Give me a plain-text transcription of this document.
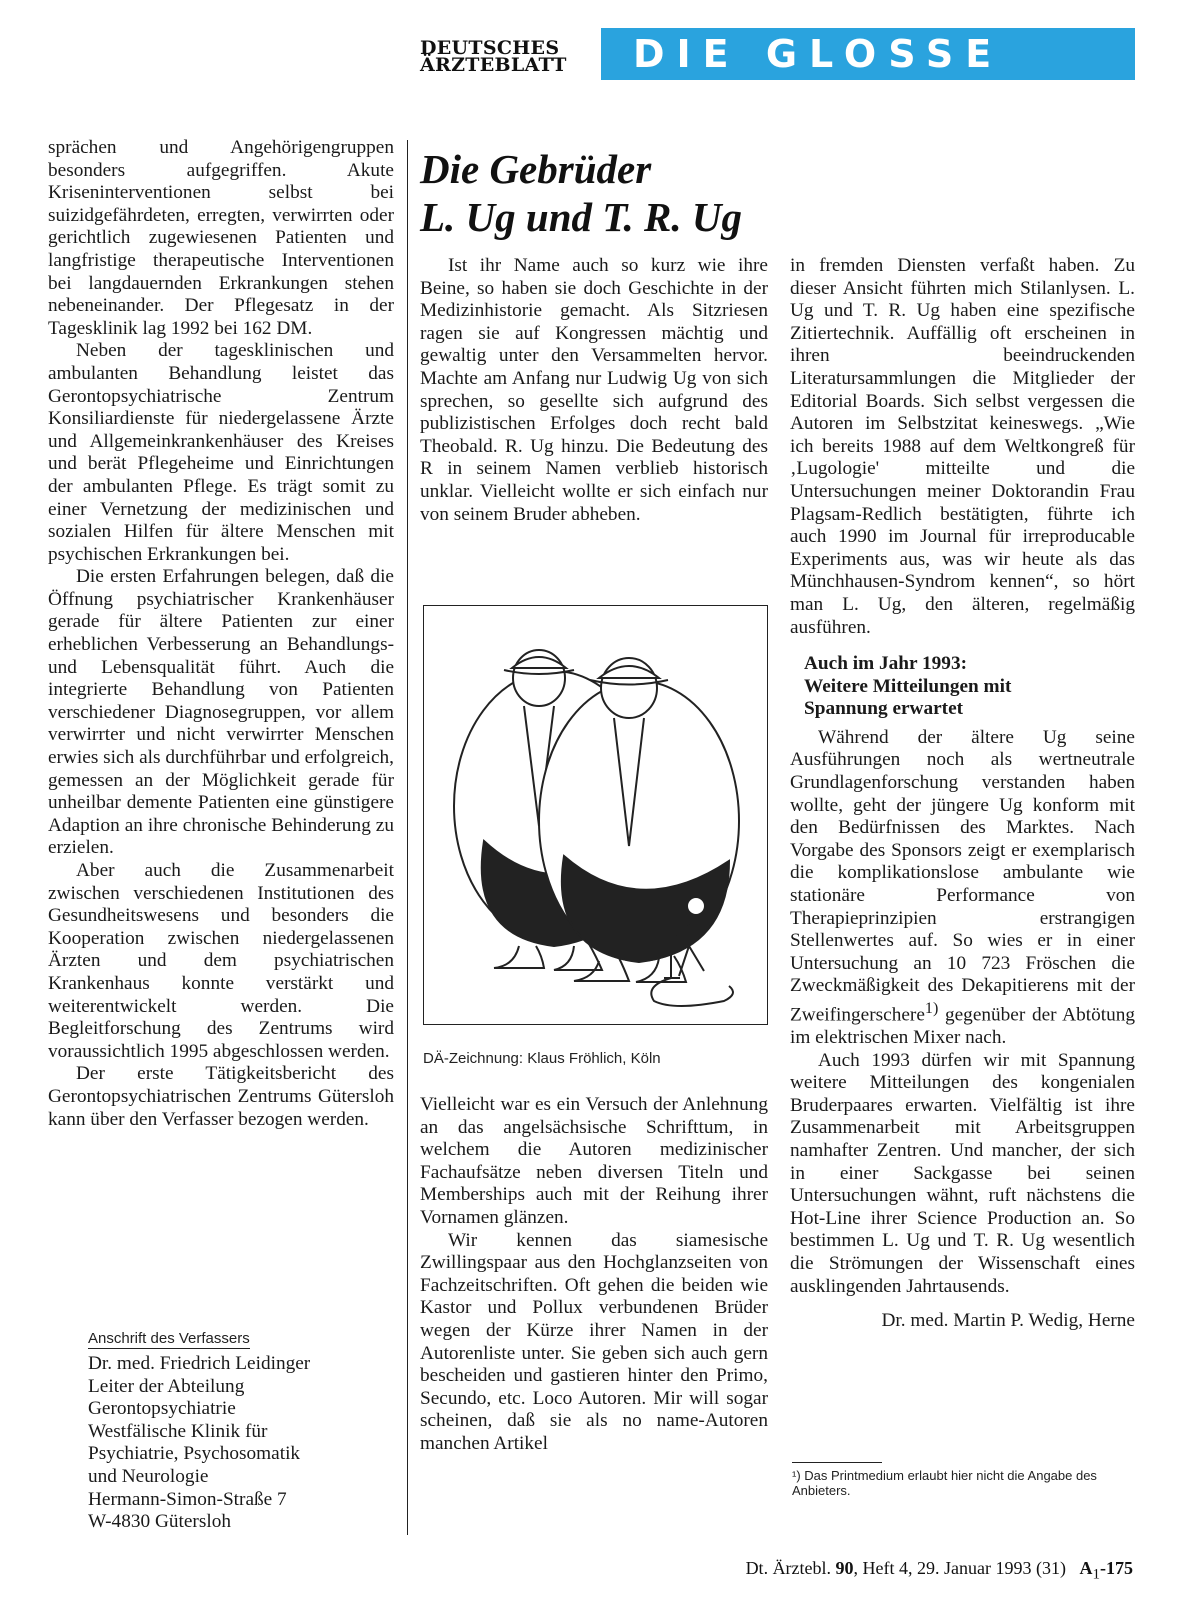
DEUTSCHES
ÄRZTEBLATT	DIE GLOSSE

sprächen und Angehörigengruppen besonders aufgegriffen. Akute Kriseninterventionen selbst bei suizidgefährdeten, erregten, verwirrten oder gerichtlich zugewiesenen Patienten und langfristige therapeutische Interventionen bei langdauernden Erkrankungen stehen nebeneinander. Der Pflegesatz in der Tagesklinik lag 1992 bei 162 DM.

Neben der tagesklinischen und ambulanten Behandlung leistet das Gerontopsychiatrische Zentrum Konsiliardienste für niedergelassene Ärzte und Allgemeinkrankenhäuser des Kreises und berät Pflegeheime und Einrichtungen der ambulanten Pflege. Es trägt somit zu einer Vernetzung der medizinischen und sozialen Hilfen für ältere Menschen mit psychischen Erkrankungen bei.

Die ersten Erfahrungen belegen, daß die Öffnung psychiatrischer Krankenhäuser gerade für ältere Patienten zur einer erheblichen Verbesserung an Behandlungs- und Lebensqualität führt. Auch die integrierte Behandlung von Patienten verschiedener Diagnosegruppen, vor allem verwirrter und nicht verwirrter Menschen erwies sich als durchführbar und erfolgreich, gemessen an der Möglichkeit gerade für unheilbar demente Patienten eine günstigere Adaption an ihre chronische Behinderung zu erzielen.

Aber auch die Zusammenarbeit zwischen verschiedenen Institutionen des Gesundheitswesens und besonders die Kooperation zwischen niedergelassenen Ärzten und dem psychiatrischen Krankenhaus konnte verstärkt und weiterentwickelt werden. Die Begleitforschung des Zentrums wird voraussichtlich 1995 abgeschlossen werden.

Der erste Tätigkeitsbericht des Gerontopsychiatrischen Zentrums Gütersloh kann über den Verfasser bezogen werden.

Anschrift des Verfassers
Dr. med. Friedrich Leidinger
Leiter der Abteilung
Gerontopsychiatrie
Westfälische Klinik für
Psychiatrie, Psychosomatik
und Neurologie
Hermann-Simon-Straße 7
W-4830 Gütersloh
Die Gebrüder
L. Ug und T. R. Ug

Ist ihr Name auch so kurz wie ihre Beine, so haben sie doch Geschichte in der Medizinhistorie gemacht. Als Sitzriesen ragen sie auf Kongressen mächtig und gewaltig unter den Versammelten hervor. Machte am Anfang nur Ludwig Ug von sich sprechen, so gesellte sich aufgrund des publizistischen Erfolges doch recht bald Theobald. R. Ug hinzu. Die Bedeutung des R in seinem Namen verblieb historisch unklar. Vielleicht wollte er sich einfach nur von seinem Bruder abheben.

DÄ-Zeichnung: Klaus Fröhlich, Köln

Vielleicht war es ein Versuch der Anlehnung an das angelsächsische Schrifttum, in welchem die Autoren medizinischer Fachaufsätze neben diversen Titeln und Memberships auch mit der Reihung ihrer Vornamen glänzen.

Wir kennen das siamesische Zwillingspaar aus den Hochglanzseiten von Fachzeitschriften. Oft gehen die beiden wie Kastor und Pollux verbundenen Brüder wegen der Kürze ihrer Namen in der Autorenliste unter. Sie geben sich auch gern bescheiden und gastieren hinter den Primo, Secundo, etc. Loco Autoren. Mir will sogar scheinen, daß sie als no name-Autoren manchen Artikel

in fremden Diensten verfaßt haben. Zu dieser Ansicht führten mich Stilanlysen. L. Ug und T. R. Ug haben eine spezifische Zitiertechnik. Auffällig oft erscheinen in ihren beeindruckenden Literatursammlungen die Mitglieder der Editorial Boards. Sich selbst vergessen die Autoren im Selbstzitat keineswegs. „Wie ich bereits 1988 auf dem Weltkongreß für ‚Lugologie' mitteilte und die Untersuchungen meiner Doktorandin Frau Plagsam-Redlich bestätigten, führte ich auch 1990 im Journal für irreproducable Experiments aus, was wir heute als das Münchhausen-Syndrom kennen“, so hört man L. Ug, den älteren, regelmäßig ausführen.

Auch im Jahr 1993:
Weitere Mitteilungen mit
Spannung erwartet

Während der ältere Ug seine Ausführungen noch als wertneutrale Grundlagenforschung verstanden haben wollte, geht der jüngere Ug konform mit den Bedürfnissen des Marktes. Nach Vorgabe des Sponsors zeigt er exemplarisch die komplikationslose ambulante wie stationäre Performance von Therapieprinzipien erstrangigen Stellenwertes auf. So wies er in einer Untersuchung an 10 723 Fröschen die Zweckmäßigkeit des Dekapitierens mit der Zweifingerschere$^{1)}$ gegenüber der Abtötung im elektrischen Mixer nach.

Auch 1993 dürfen wir mit Spannung weitere Mitteilungen des kongenialen Bruderpaares erwarten. Vielfältig ist ihre Zusammenarbeit mit Arbeitsgruppen namhafter Zentren. Und mancher, der sich in einer Sackgasse bei seinen Untersuchungen wähnt, ruft nächstens die Hot-Line ihrer Science Production an. So bestimmen L. Ug und T. R. Ug wesentlich die Strömungen der Wissenschaft eines ausklingenden Jahrtausends.

Dr. med. Martin P. Wedig, Herne

¹) Das Printmedium erlaubt hier nicht die Angabe des Anbieters.
Dt. Ärztebl. 90, Heft 4, 29. Januar 1993 (31) $A_1-175$
